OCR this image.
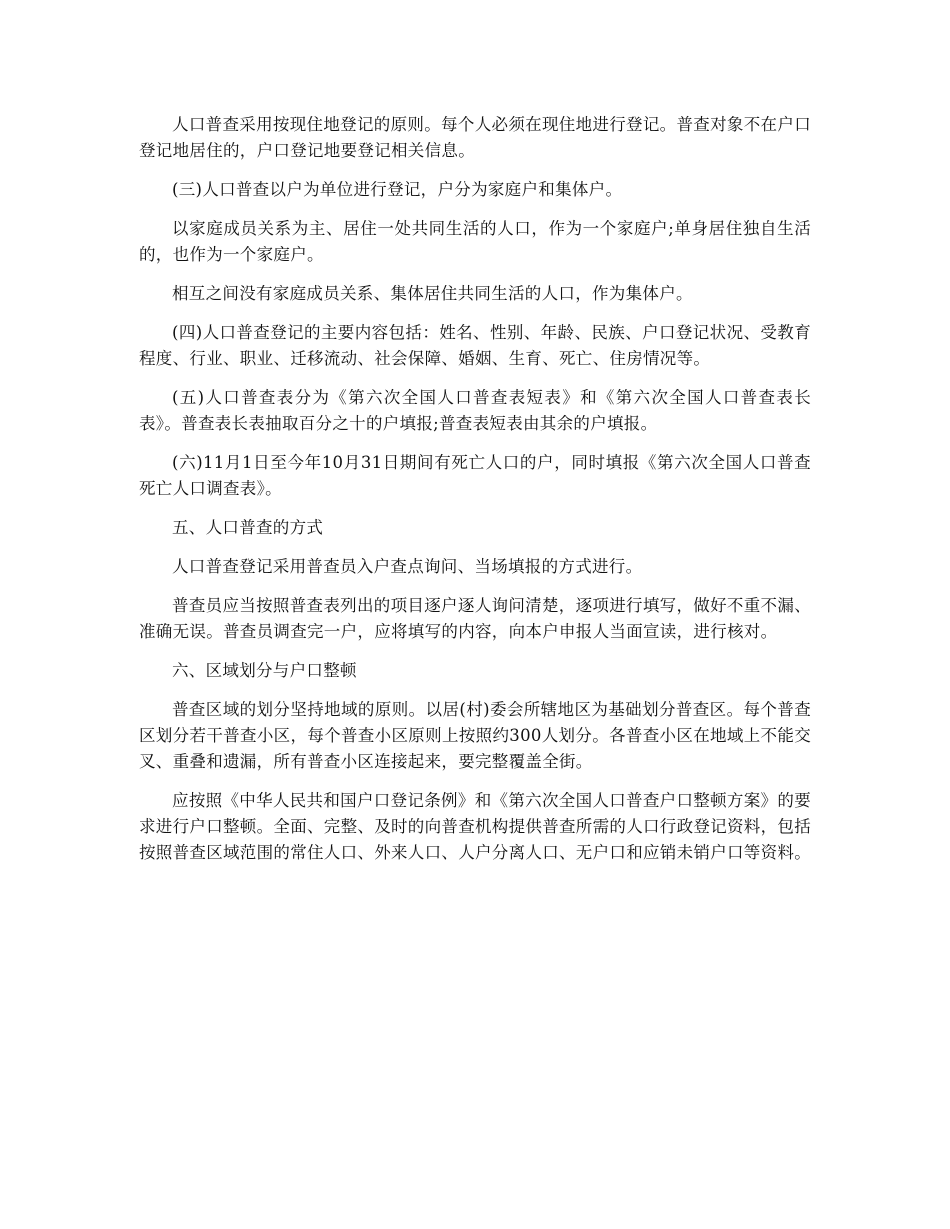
人口普查采用按现住地登记的原则。每个人必须在现住地进行登记。普查对象不在户口登记地居住的，户口登记地要登记相关信息。

(三)人口普查以户为单位进行登记，户分为家庭户和集体户。

以家庭成员关系为主、居住一处共同生活的人口，作为一个家庭户;单身居住独自生活的，也作为一个家庭户。

相互之间没有家庭成员关系、集体居住共同生活的人口，作为集体户。

(四)人口普查登记的主要内容包括：姓名、性别、年龄、民族、户口登记状况、受教育程度、行业、职业、迁移流动、社会保障、婚姻、生育、死亡、住房情况等。

(五)人口普查表分为《第六次全国人口普查表短表》和《第六次全国人口普查表长表》。普查表长表抽取百分之十的户填报;普查表短表由其余的户填报。

(六)11月1日至今年10月31日期间有死亡人口的户，同时填报《第六次全国人口普查死亡人口调查表》。

五、人口普查的方式

人口普查登记采用普查员入户查点询问、当场填报的方式进行。

普查员应当按照普查表列出的项目逐户逐人询问清楚，逐项进行填写，做好不重不漏、准确无误。普查员调查完一户，应将填写的内容，向本户申报人当面宣读，进行核对。

六、区域划分与户口整顿

普查区域的划分坚持地域的原则。以居(村)委会所辖地区为基础划分普查区。每个普查区划分若干普查小区，每个普查小区原则上按照约300人划分。各普查小区在地域上不能交叉、重叠和遗漏，所有普查小区连接起来，要完整覆盖全街。

应按照《中华人民共和国户口登记条例》和《第六次全国人口普查户口整顿方案》的要求进行户口整顿。全面、完整、及时的向普查机构提供普查所需的人口行政登记资料，包括按照普查区域范围的常住人口、外来人口、人户分离人口、无户口和应销未销户口等资料。
